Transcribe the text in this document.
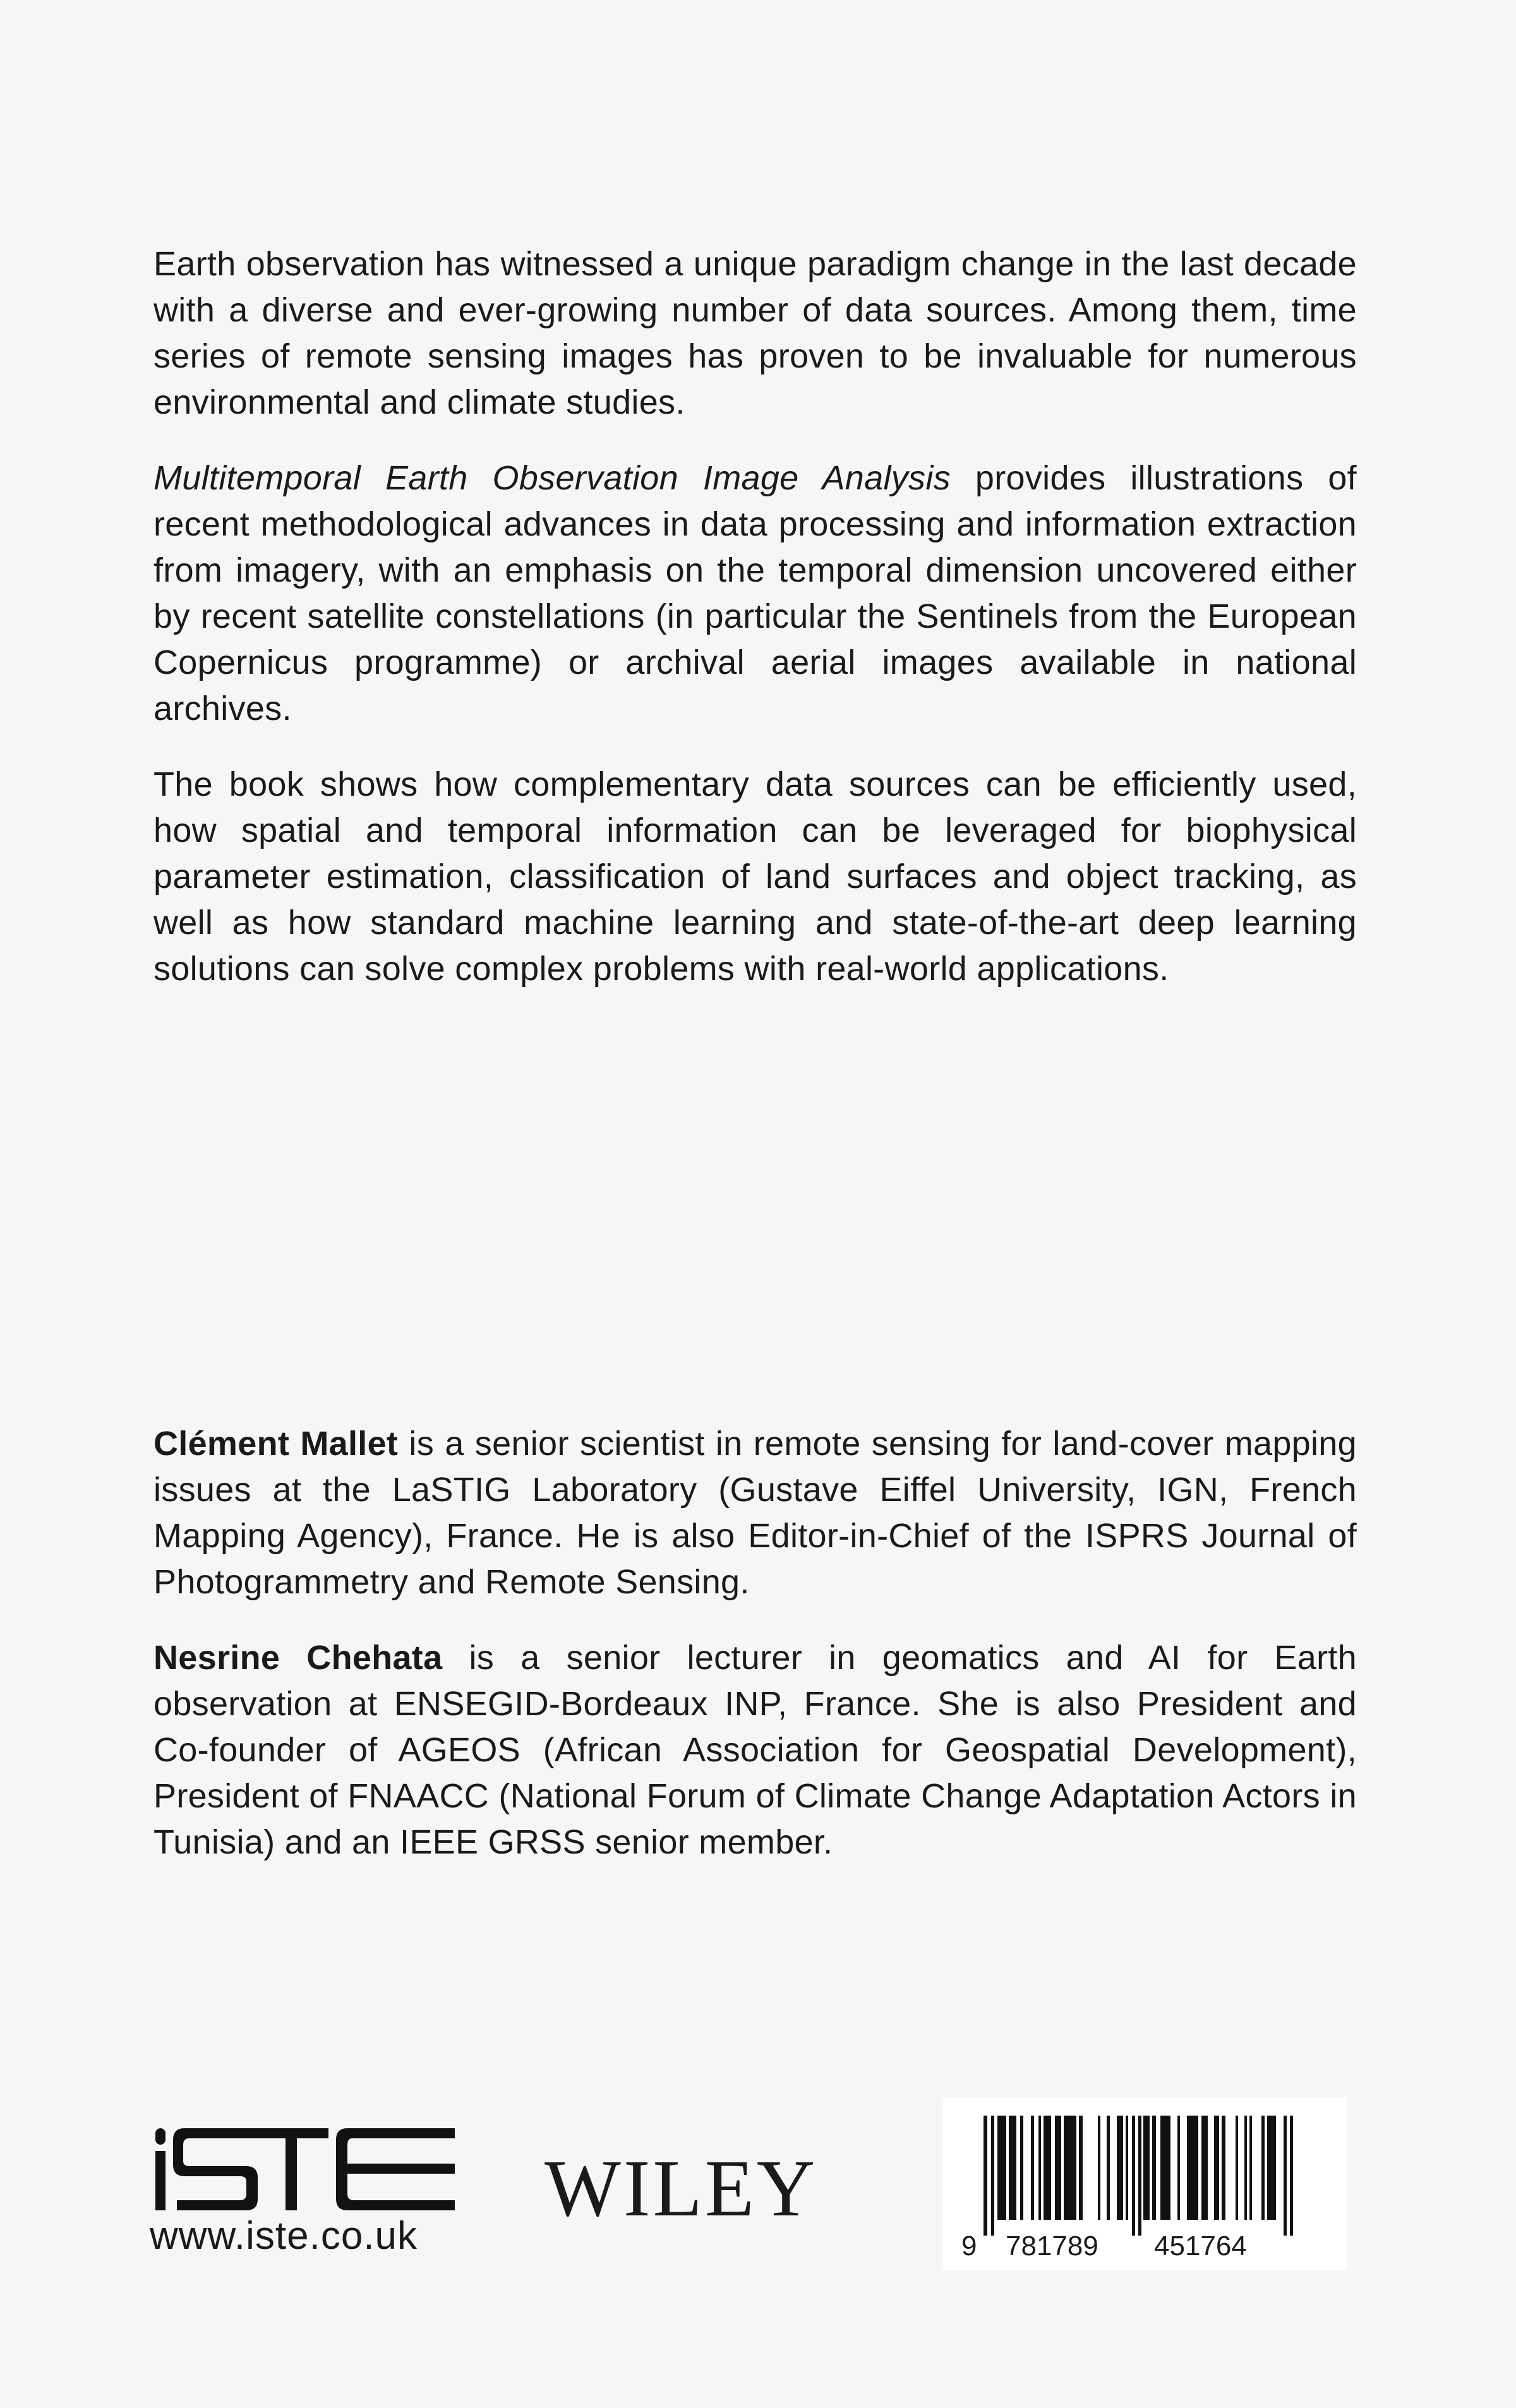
Earth observation has witnessed a unique paradigm change in the last decade with a diverse and ever-growing number of data sources. Among them, time series of remote sensing images has proven to be invaluable for numerous environmental and climate studies.

Multitemporal Earth Observation Image Analysis provides illustrations of recent methodological advances in data processing and information extraction from imagery, with an emphasis on the temporal dimension uncovered either by recent satellite constellations (in particular the Sentinels from the European Copernicus programme) or archival aerial images available in national archives.

The book shows how complementary data sources can be efficiently used, how spatial and temporal information can be leveraged for biophysical parameter estimation, classification of land surfaces and object tracking, as well as how standard machine learning and state-of-the-art deep learning solutions can solve complex problems with real-world applications.

Clément Mallet is a senior scientist in remote sensing for land-cover mapping issues at the LaSTIG Laboratory (Gustave Eiffel University, IGN, French Mapping Agency), France. He is also Editor-in-Chief of the ISPRS Journal of Photogrammetry and Remote Sensing.

Nesrine Chehata is a senior lecturer in geomatics and AI for Earth observation at ENSEGID-Bordeaux INP, France. She is also President and Co-founder of AGEOS (African Association for Geospatial Development), President of FNAACC (National Forum of Climate Change Adaptation Actors in Tunisia) and an IEEE GRSS senior member.

www.iste.co.uk
WILEY
9 781789 451764
